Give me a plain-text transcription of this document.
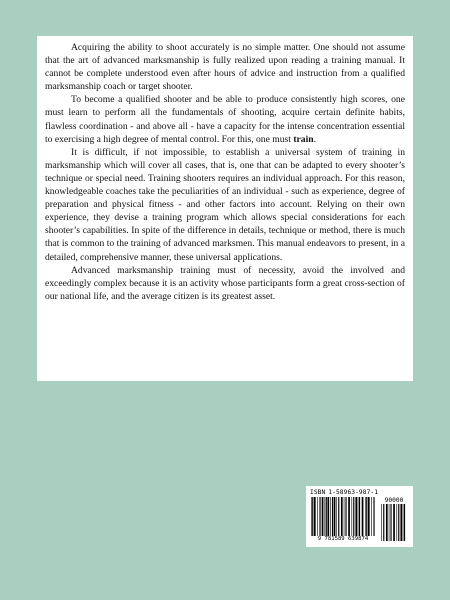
Acquiring the ability to shoot accurately is no simple matter. One should not assume that the art of advanced marksmanship is fully realized upon reading a training manual. It cannot be complete understood even after hours of advice and instruction from a qualified marksmanship coach or target shooter.

To become a qualified shooter and be able to produce consistently high scores, one must learn to perform all the fundamentals of shooting, acquire certain definite habits, flawless coordination - and above all - have a capacity for the intense concentration essential to exercising a high degree of mental control. For this, one must train.

It is difficult, if not impossible, to establish a universal system of training in marksmanship which will cover all cases, that is, one that can be adapted to every shooter’s technique or special need. Training shooters requires an individual approach. For this reason, knowledgeable coaches take the peculiarities of an individual - such as experience, degree of preparation and physical fitness - and other factors into account. Relying on their own experience, they devise a training program which allows special considerations for each shooter’s capabilities. In spite of the difference in details, technique or method, there is much that is common to the training of advanced marksmen. This manual endeavors to present, in a detailed, comprehensive manner, these universal applications.

Advanced marksmanship training must of necessity, avoid the involved and exceedingly complex because it is an activity whose participants form a great cross-section of our national life, and the average citizen is its greatest asset.

ISBN 1-58963-987-1
90000
9 781589 639874
